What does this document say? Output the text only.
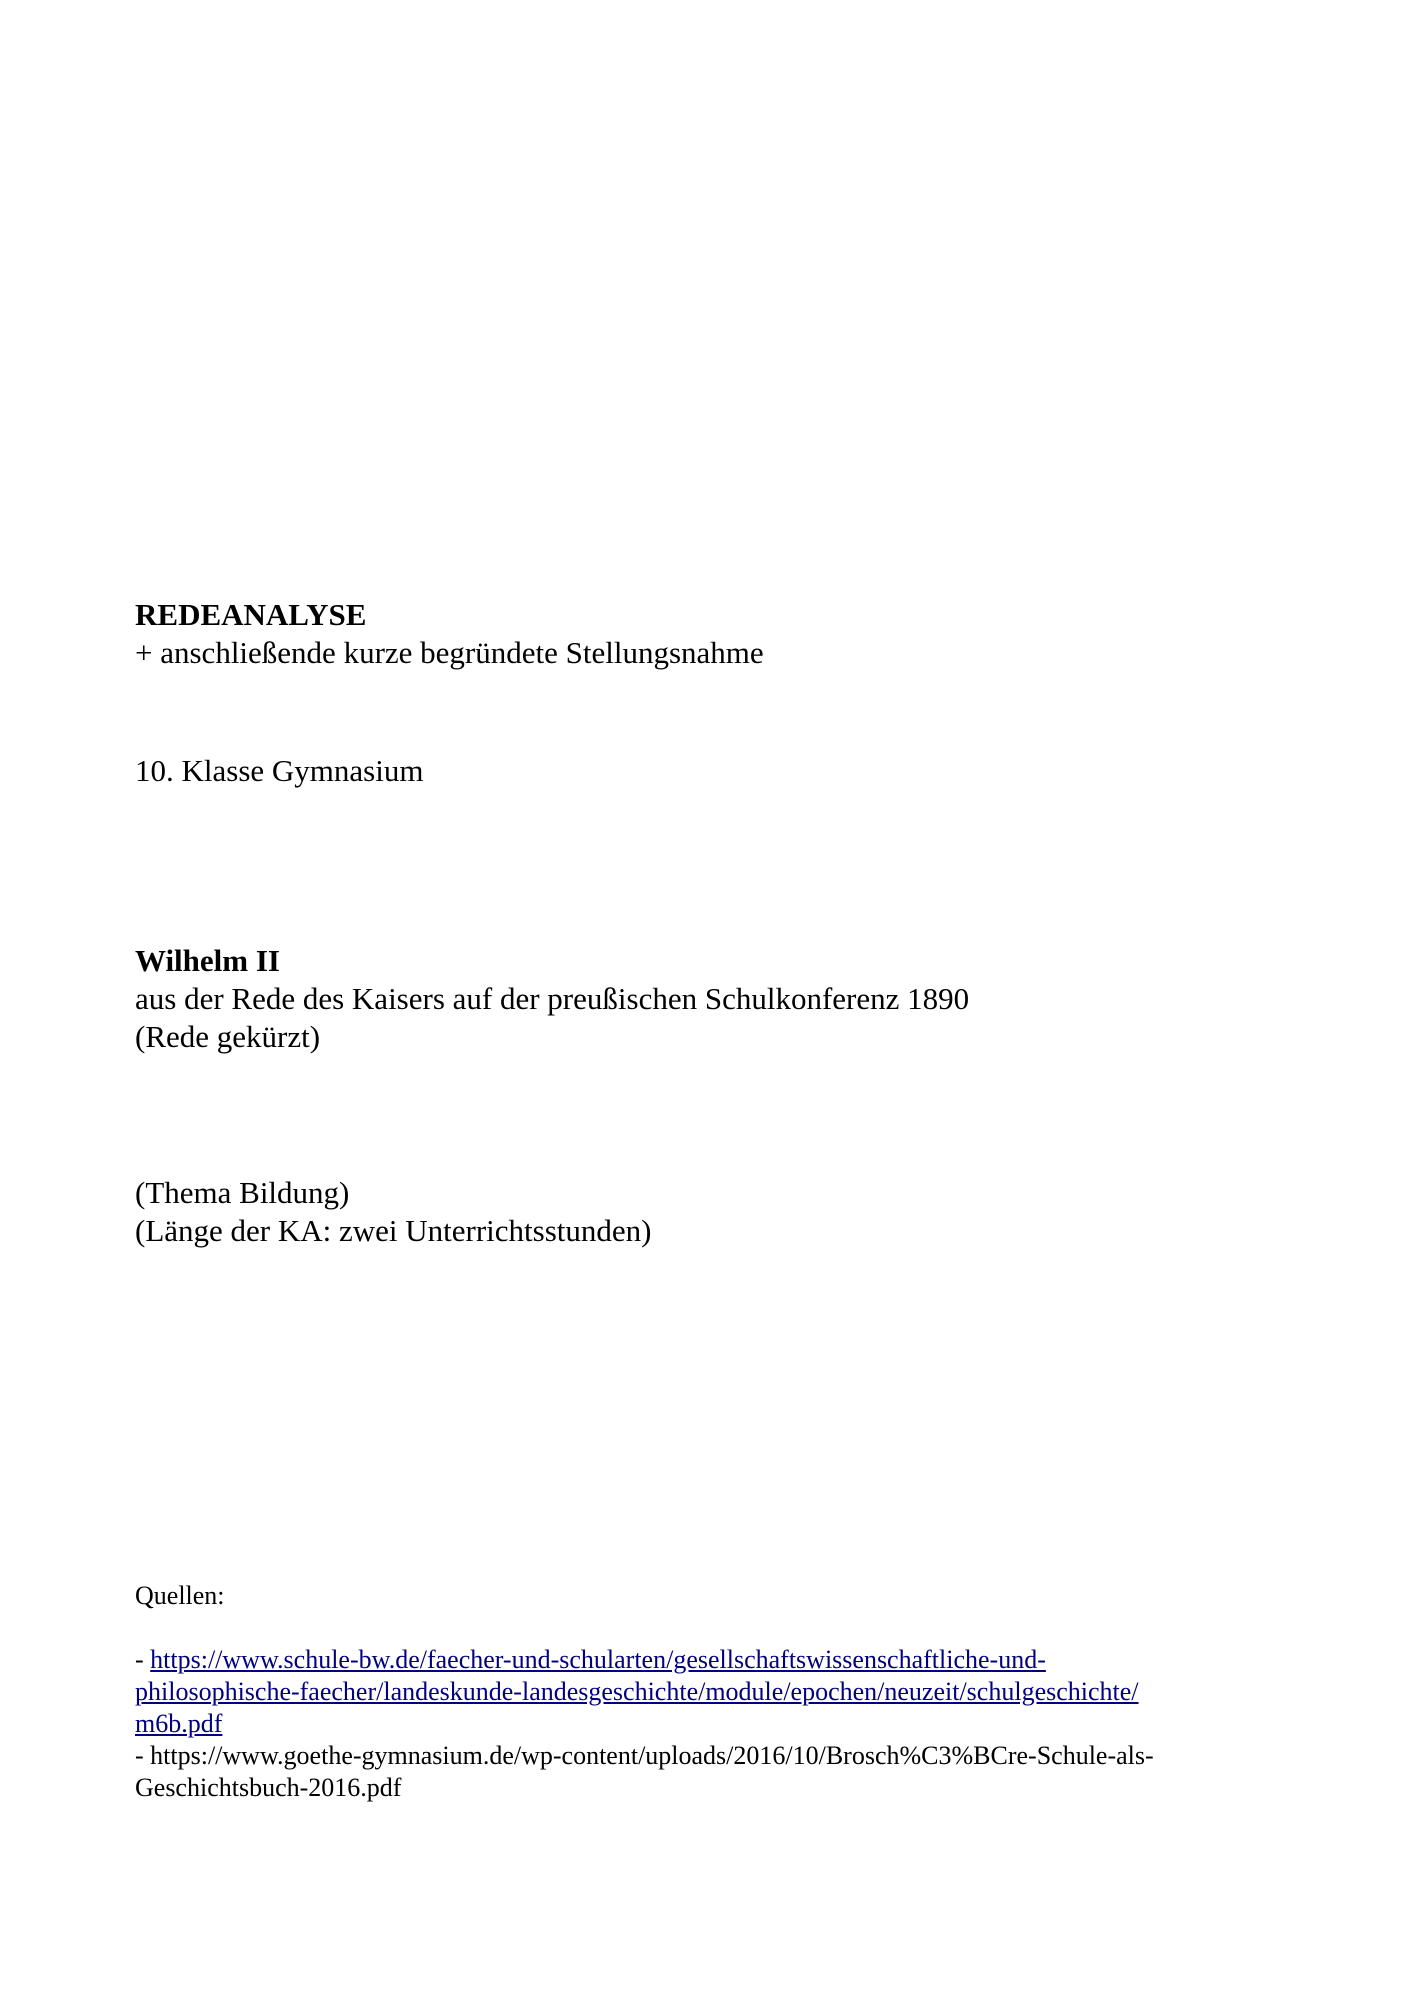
REDEANALYSE
+ anschließende kurze begründete Stellungsnahme
10. Klasse Gymnasium
Wilhelm II
aus der Rede des Kaisers auf der preußischen Schulkonferenz 1890
(Rede gekürzt)
(Thema Bildung)
(Länge der KA: zwei Unterrichtsstunden)
Quellen:
- https://www.schule-bw.de/faecher-und-schularten/gesellschaftswissenschaftliche-und-
philosophische-faecher/landeskunde-landesgeschichte/module/epochen/neuzeit/schulgeschichte/
m6b.pdf
- https://www.goethe-gymnasium.de/wp-content/uploads/2016/10/Brosch%C3%BCre-Schule-als-
Geschichtsbuch-2016.pdf
